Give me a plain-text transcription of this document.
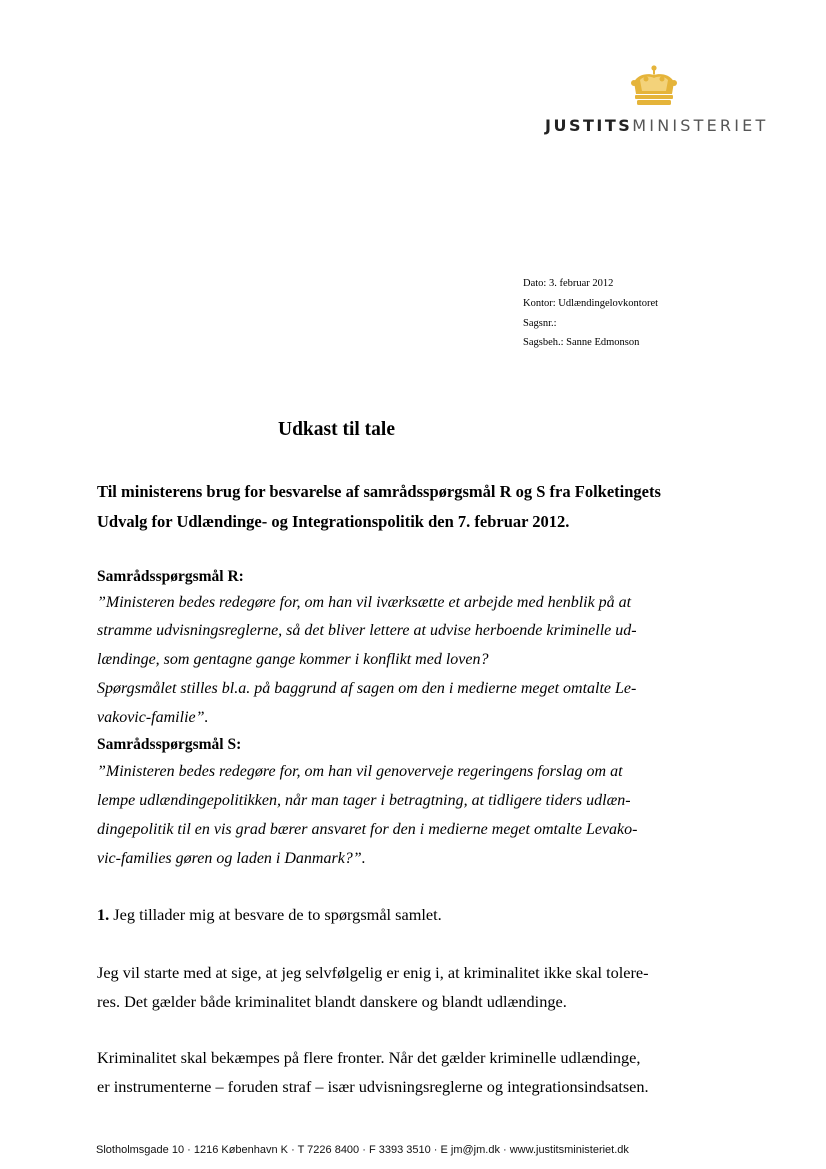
JUSTITSMINISTERIET
Dato: 3. februar 2012
Kontor: Udlændingelovkontoret
Sagsnr.:
Sagsbeh.: Sanne Edmonson
Udkast til tale
Til ministerens brug for besvarelse af samrådsspørgsmål R og S fra Folketingets
Udvalg for Udlændinge- og Integrationspolitik den 7. februar 2012.
Samrådsspørgsmål R:
”Ministeren bedes redegøre for, om han vil iværksætte et arbejde med henblik på at
stramme udvisningsreglerne, så det bliver lettere at udvise herboende kriminelle ud-
lændinge, som gentagne gange kommer i konflikt med loven?
Spørgsmålet stilles bl.a. på baggrund af sagen om den i medierne meget omtalte Le-
vakovic-familie”.
Samrådsspørgsmål S:
”Ministeren bedes redegøre for, om han vil genoverveje regeringens forslag om at
lempe udlændingepolitikken, når man tager i betragtning, at tidligere tiders udlæn-
dingepolitik til en vis grad bærer ansvaret for den i medierne meget omtalte Levako-
vic-families gøren og laden i Danmark?”.
1. Jeg tillader mig at besvare de to spørgsmål samlet.
Jeg vil starte med at sige, at jeg selvfølgelig er enig i, at kriminalitet ikke skal tolere-
res. Det gælder både kriminalitet blandt danskere og blandt udlændinge.
Kriminalitet skal bekæmpes på flere fronter. Når det gælder kriminelle udlændinge,
er instrumenterne – foruden straf – især udvisningsreglerne og integrationsindsatsen.
Slotholmsgade 10 · 1216 København K · T 7226 8400 · F 3393 3510 · E jm@jm.dk · www.justitsministeriet.dk
